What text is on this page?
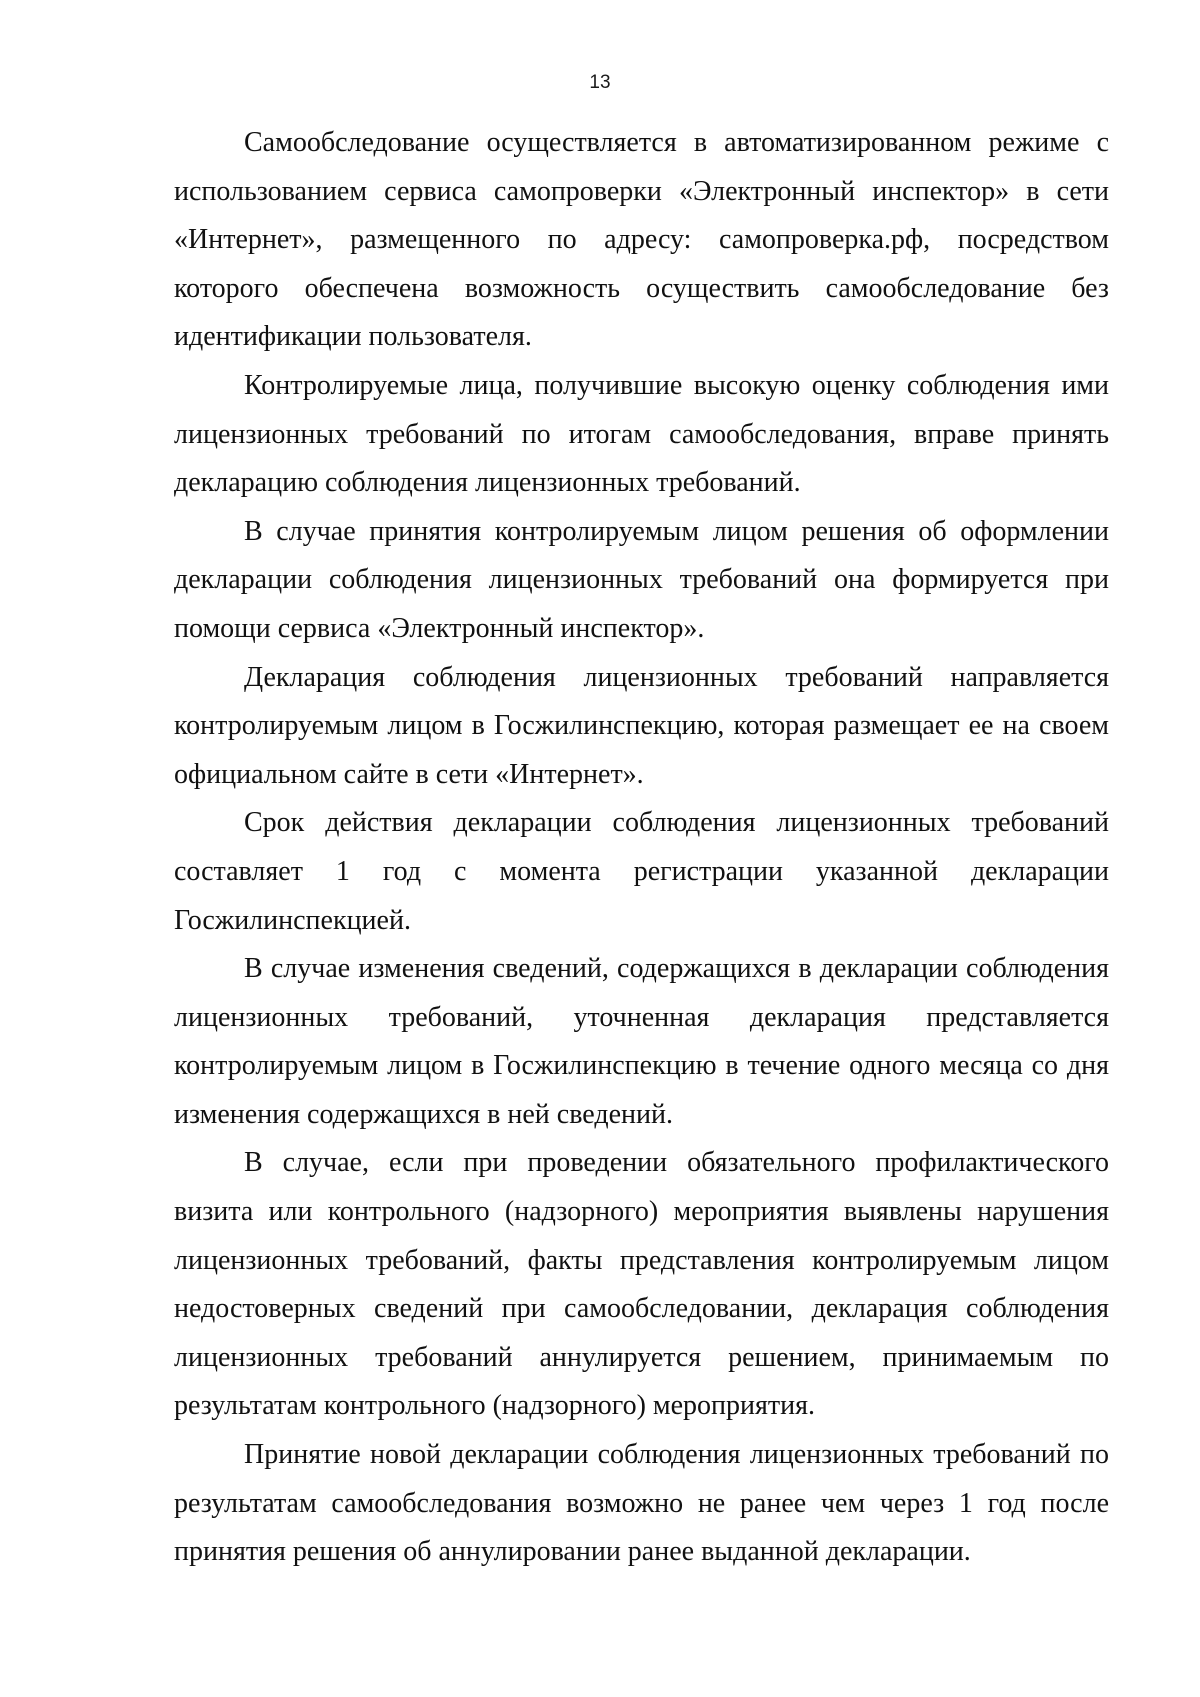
13

Самообследование осуществляется в автоматизированном режиме с использованием сервиса самопроверки «Электронный инспектор» в сети «Интернет», размещенного по адресу: самопроверка.рф, посредством которого обеспечена возможность осуществить самообследование без идентификации пользователя.

Контролируемые лица, получившие высокую оценку соблюдения ими лицензионных требований по итогам самообследования, вправе принять декларацию соблюдения лицензионных требований.

В случае принятия контролируемым лицом решения об оформлении декларации соблюдения лицензионных требований она формируется при помощи сервиса «Электронный инспектор».

Декларация соблюдения лицензионных требований направляется контролируемым лицом в Госжилинспекцию, которая размещает ее на своем официальном сайте в сети «Интернет».

Срок действия декларации соблюдения лицензионных требований составляет 1 год с момента регистрации указанной декларации Госжилинспекцией.

В случае изменения сведений, содержащихся в декларации соблюдения лицензионных требований, уточненная декларация представляется контролируемым лицом в Госжилинспекцию в течение одного месяца со дня изменения содержащихся в ней сведений.

В случае, если при проведении обязательного профилактического визита или контрольного (надзорного) мероприятия выявлены нарушения лицензионных требований, факты представления контролируемым лицом недостоверных сведений при самообследовании, декларация соблюдения лицензионных требований аннулируется решением, принимаемым по результатам контрольного (надзорного) мероприятия.

Принятие новой декларации соблюдения лицензионных требований по результатам самообследования возможно не ранее чем через 1 год после принятия решения об аннулировании ранее выданной декларации.
